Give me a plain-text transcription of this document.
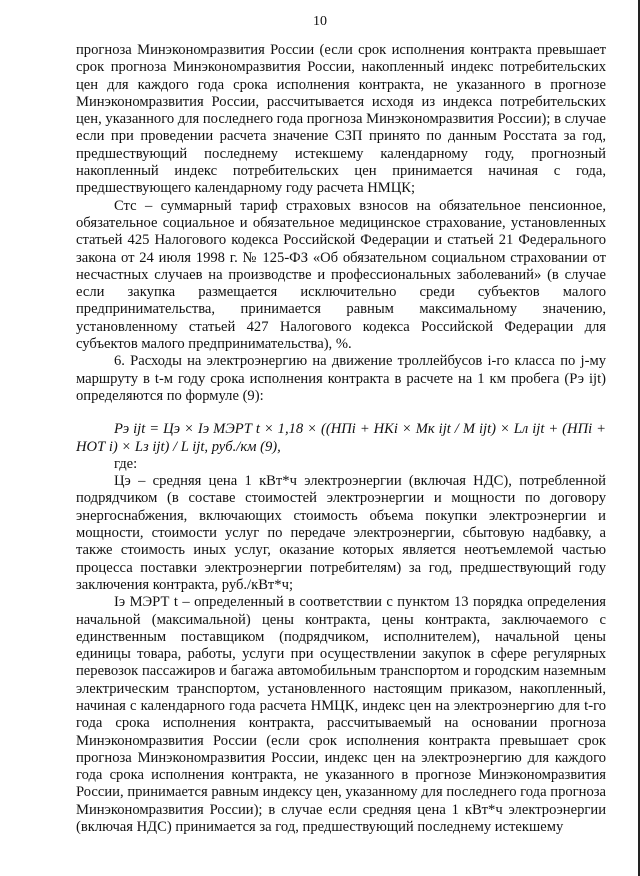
10

прогноза Минэкономразвития России (если срок исполнения контракта превышает срок прогноза Минэкономразвития России, накопленный индекс потребительских цен для каждого года срока исполнения контракта, не указанного в прогнозе Минэкономразвития России, рассчитывается исходя из индекса потребительских цен, указанного для последнего года прогноза Минэкономразвития России); в случае если при проведении расчета значение СЗП принято по данным Росстата за год, предшествующий последнему истекшему календарному году, прогнозный накопленный индекс потребительских цен принимается начиная с года, предшествующего календарному году расчета НМЦК;

Стс – суммарный тариф страховых взносов на обязательное пенсионное, обязательное социальное и обязательное медицинское страхование, установленных статьей 425 Налогового кодекса Российской Федерации и статьей 21 Федерального закона от 24 июля 1998 г. № 125-ФЗ «Об обязательном социальном страховании от несчастных случаев на производстве и профессиональных заболеваний» (в случае если закупка размещается исключительно среди субъектов малого предпринимательства, принимается равным максимальному значению, установленному статьей 427 Налогового кодекса Российской Федерации для субъектов малого предпринимательства), %.

6. Расходы на электроэнергию на движение троллейбусов i-го класса по j-му маршруту в t-м году срока исполнения контракта в расчете на 1 км пробега (Рэ ijt) определяются по формуле (9):

Рэ ijt = Цэ × Iэ МЭРТ t × 1,18 × ((НПi + НКi × Мк ijt / М ijt) × Lл ijt + (НПi + НОТ i) × Lз ijt) / L ijt, руб./км (9),

где:

Цэ – средняя цена 1 кВт*ч электроэнергии (включая НДС), потребленной подрядчиком (в составе стоимостей электроэнергии и мощности по договору энергоснабжения, включающих стоимость объема покупки электроэнергии и мощности, стоимости услуг по передаче электроэнергии, сбытовую надбавку, а также стоимость иных услуг, оказание которых является неотъемлемой частью процесса поставки электроэнергии потребителям) за год, предшествующий году заключения контракта, руб./кВт*ч;

Iэ МЭРТ t – определенный в соответствии с пунктом 13 порядка определения начальной (максимальной) цены контракта, цены контракта, заключаемого с единственным поставщиком (подрядчиком, исполнителем), начальной цены единицы товара, работы, услуги при осуществлении закупок в сфере регулярных перевозок пассажиров и багажа автомобильным транспортом и городским наземным электрическим транспортом, установленного настоящим приказом, накопленный, начиная с календарного года расчета НМЦК, индекс цен на электроэнергию для t-го года срока исполнения контракта, рассчитываемый на основании прогноза Минэкономразвития России (если срок исполнения контракта превышает срок прогноза Минэкономразвития России, индекс цен на электроэнергию для каждого года срока исполнения контракта, не указанного в прогнозе Минэкономразвития России, принимается равным индексу цен, указанному для последнего года прогноза Минэкономразвития России); в случае если средняя цена 1 кВт*ч электроэнергии (включая НДС) принимается за год, предшествующий последнему истекшему
